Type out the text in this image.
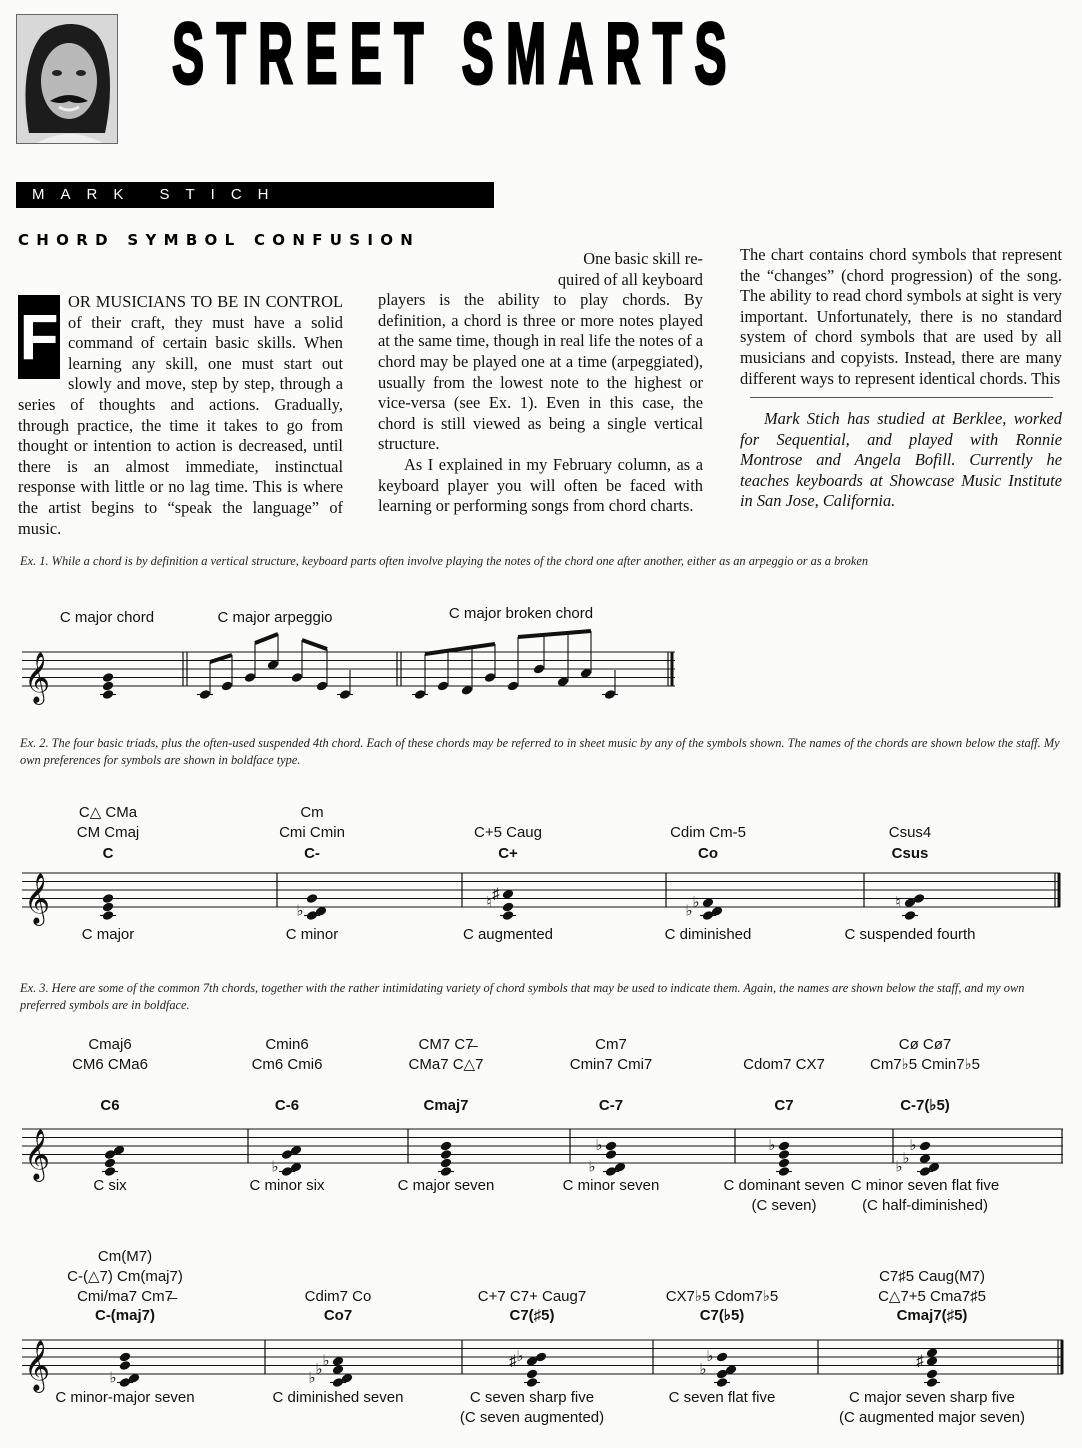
STREET SMARTS
MARK STICH
CHORD SYMBOL CONFUSION
F OR MUSICIANS TO BE IN CONTROL of their craft, they must have a solid command of certain basic skills. When learning any skill, one must start out slowly and move, step by step, through a series of thoughts and actions. Gradually, through practice, the time it takes to go from thought or intention to action is decreased, until there is an almost immediate, instinctual response with little or no lag time. This is where the artist begins to “speak the language” of music.

One basic skill re-

quired of all keyboard

players is the ability to play chords. By definition, a chord is three or more notes played at the same time, though in real life the notes of a chord may be played one at a time (arpeggiated), usually from the lowest note to the highest or vice-versa (see Ex. 1). Even in this case, the chord is still viewed as being a single vertical structure.

As I explained in my February column, as a keyboard player you will often be faced with learning or performing songs from chord charts.

The chart contains chord symbols that represent the “changes” (chord progression) of the song. The ability to read chord symbols at sight is very important. Unfortunately, there is no standard system of chord symbols that are used by all musicians and copyists. Instead, there are many different ways to represent identical chords. This
Mark Stich has studied at Berklee, worked for Sequential, and played with Ronnie Montrose and Angela Bofill. Currently he teaches keyboards at Showcase Music Institute in San Jose, California.
Ex. 1. While a chord is by definition a vertical structure, keyboard parts often involve playing the notes of the chord one after another, either as an arpeggio or as a broken
Ex. 2. The four basic triads, plus the often-used suspended 4th chord. Each of these chords may be referred to in sheet music by any of the symbols shown. The names of the chords are shown below the staff. My own preferences for symbols are shown in boldface type.
Ex. 3. Here are some of the common 7th chords, together with the rather intimidating variety of chord symbols that may be used to indicate them. Again, the names are shown below the staff, and my own preferred symbols are in boldface.
𝄞
C major chord	C major arpeggio	C major broken chord
𝄞
C△ CMa
CM Cmaj
C
C major
Cm
Cmi Cmin
C-
♭
C minor
C+5 Caug
C+
♯
♮
C augmented
Cdim Cm-5
Co
♭
♭
C diminished
Csus4
Csus
♮
C suspended fourth
𝄞
Cmaj6
CM6 CMa6
C6
C six
Cmin6
Cm6 Cmi6
C-6
♭
C minor six
CM7 C7̶
CMa7 C△7
Cmaj7
C major seven
Cm7
Cmin7 Cmi7
C-7
♭
♭
C minor seven
Cdom7 CX7
C7
♭
C dominant seven
(C seven)
Cø Cø7
Cm7♭5 Cmin7♭5
C-7(♭5)
♭
♭
♭
C minor seven flat five
(C half-diminished)
𝄞
Cm(M7)
C-(△7) Cm(maj7)
Cmi/ma7 Cm7̶
C-(maj7)
♭
C minor-major seven
Cdim7 Co
Co7
♭
♭
♭
C diminished seven
C+7 C7+ Caug7
C7(♯5)
♭
♯
C seven sharp five
(C seven augmented)
CX7♭5 Cdom7♭5
C7(♭5)
♭
♭
C seven flat five
C7♯5 Caug(M7)
C△7+5 Cma7♯5
Cmaj7(♯5)
♯
C major seven sharp five
(C augmented major seven)
